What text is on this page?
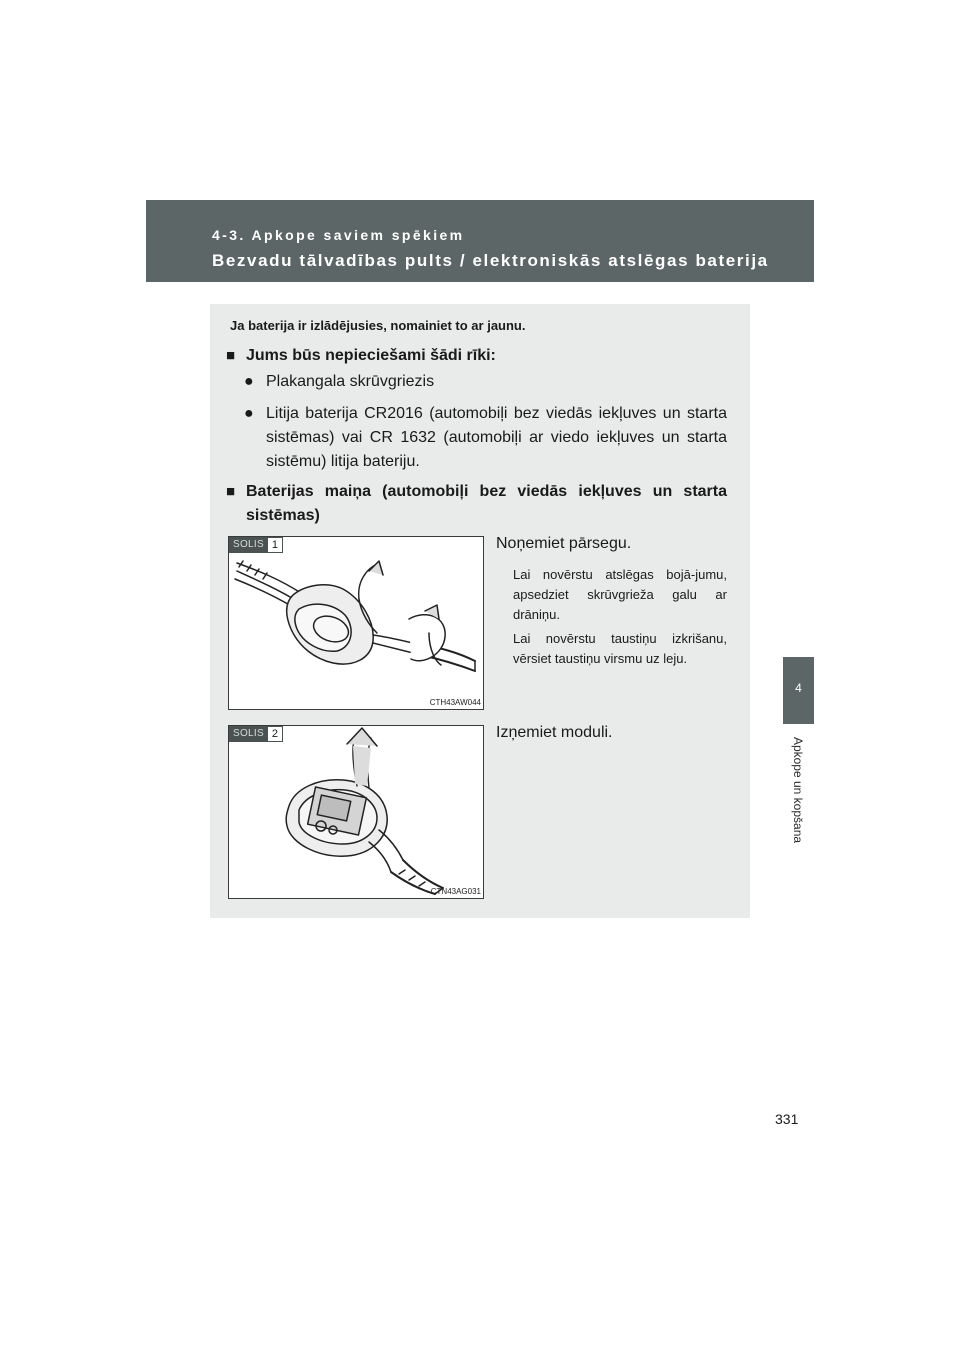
4-3. Apkope saviem spēkiem
Bezvadu tālvadības pults / elektroniskās atslēgas baterija
4
Apkope un kopšana
Ja baterija ir izlādējusies, nomainiet to ar jaunu.
■ Jums būs nepieciešami šādi rīki:
● Plakangala skrūvgriezis
● Litija baterija CR2016 (automobiļi bez viedās iekļuves un starta sistēmas) vai CR 1632 (automobiļi ar viedo iekļuves un starta sistēmu) litija bateriju.
■ Baterijas maiņa (automobiļi bez viedās iekļuves un starta sistēmas)
SOLIS 1
CTH43AW044
Noņemiet pārsegu.
Lai novērstu atslēgas bojā-jumu, apsedziet skrūvgrieža galu ar drāniņu.
Lai novērstu taustiņu izkrišanu, vērsiet taustiņu virsmu uz leju.
SOLIS 2
CTN43AG031
Izņemiet moduli.
331
